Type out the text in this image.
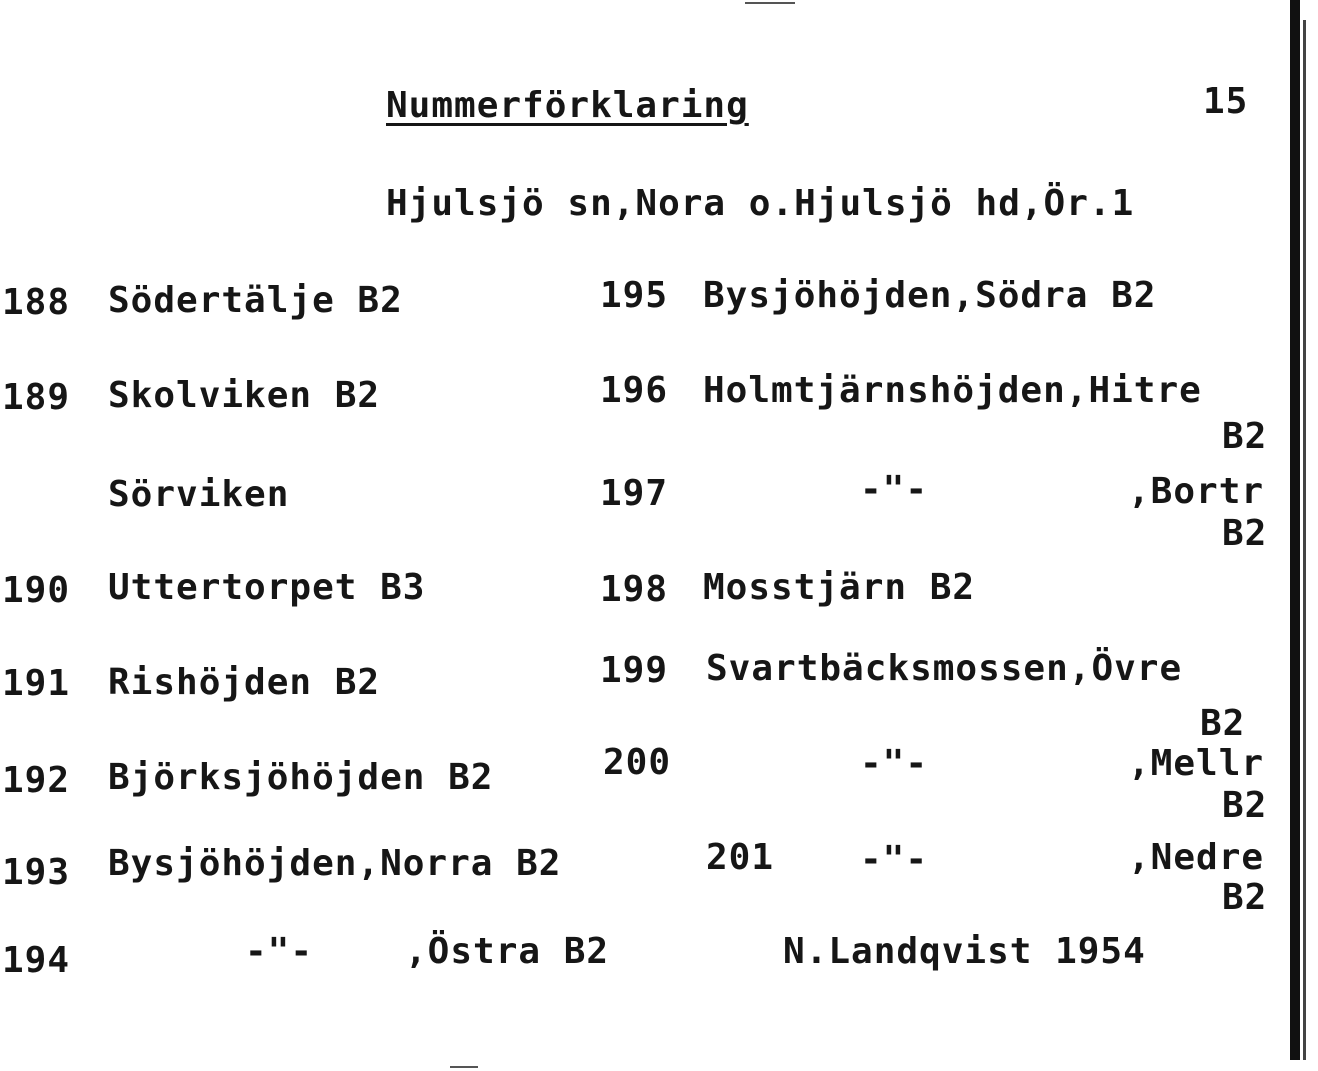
Nummerförklaring	15
Hjulsjö sn,Nora o.Hjulsjö hd,Ör.1
188 Södertälje B2
189 Skolviken B2
Sörviken
190 Uttertorpet B3
191 Rishöjden B2
192 Björksjöhöjden B2
193 Bysjöhöjden,Norra B2
194	-"-	,Östra B2
195 Bysjöhöjden,Södra B2
196 Holmtjärnshöjden,Hitre
B2
197	-"-	,Bortr
B2
198 Mosstjärn B2
199 Svartbäcksmossen,Övre
B2
200	-"-	,Mellr
B2
201 -"-	,Nedre
B2
N.Landqvist 1954
